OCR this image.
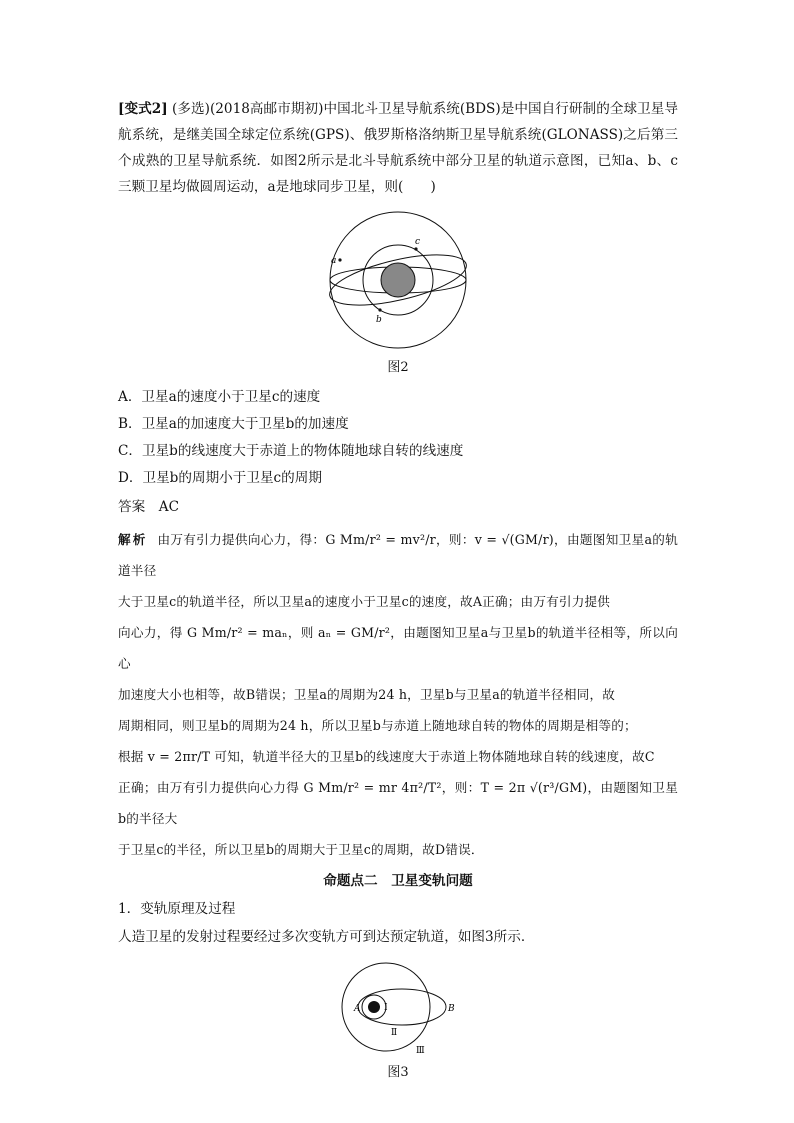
[变式2] (多选)(2018高邮市期初)中国北斗卫星导航系统(BDS)是中国自行研制的全球卫星导航系统，是继美国全球定位系统(GPS)、俄罗斯格洛纳斯卫星导航系统(GLONASS)之后第三个成熟的卫星导航系统．如图2所示是北斗导航系统中部分卫星的轨道示意图，已知a、b、c三颗卫星均做圆周运动，a是地球同步卫星，则(　　)

a
b
c

图2

A．卫星a的速度小于卫星c的速度

B．卫星a的加速度大于卫星b的加速度

C．卫星b的线速度大于赤道上的物体随地球自转的线速度

D．卫星b的周期小于卫星c的周期

答案　AC

解析 由万有引力提供向心力，得：G Mm/r² = mv²/r，则：v = √(GM/r)，由题图知卫星a的轨道半径

大于卫星c的轨道半径，所以卫星a的速度小于卫星c的速度，故A正确；由万有引力提供

向心力，得 G Mm/r² = maₙ，则 aₙ = GM/r²，由题图知卫星a与卫星b的轨道半径相等，所以向心

加速度大小也相等，故B错误；卫星a的周期为24 h，卫星b与卫星a的轨道半径相同，故

周期相同，则卫星b的周期为24 h，所以卫星b与赤道上随地球自转的物体的周期是相等的；

根据 v = 2πr/T 可知，轨道半径大的卫星b的线速度大于赤道上物体随地球自转的线速度，故C

正确；由万有引力提供向心力得 G Mm/r² = mr 4π²/T²，则：T = 2π √(r³/GM)，由题图知卫星b的半径大

于卫星c的半径，所以卫星b的周期大于卫星c的周期，故D错误．

命题点二　卫星变轨问题

1．变轨原理及过程

人造卫星的发射过程要经过多次变轨方可到达预定轨道，如图3所示．

A	B
Ⅰ
Ⅱ
Ⅲ

图3
